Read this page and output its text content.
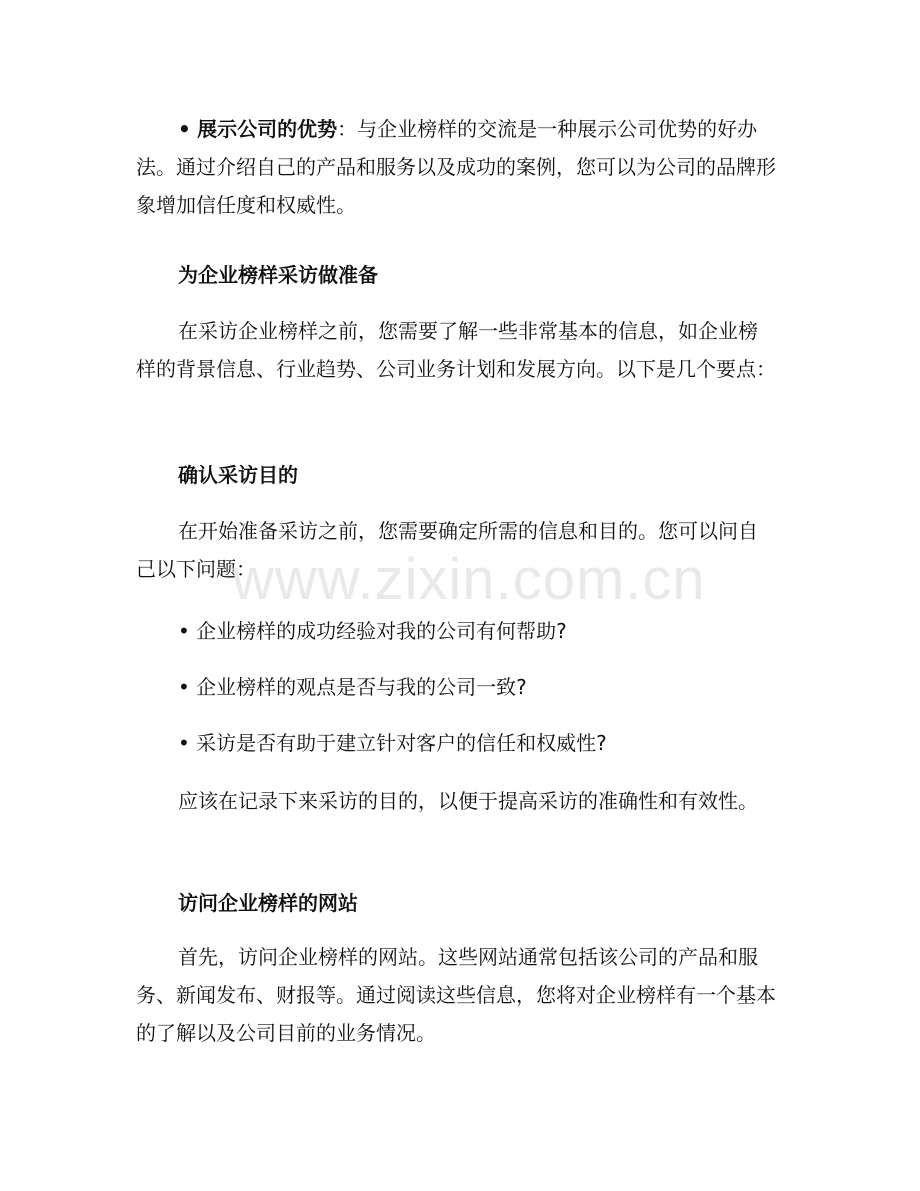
• 展示公司的优势：与企业榜样的交流是一种展示公司优势的好办法。通过介绍自己的产品和服务以及成功的案例，您可以为公司的品牌形象增加信任度和权威性。

为企业榜样采访做准备

在采访企业榜样之前，您需要了解一些非常基本的信息，如企业榜样的背景信息、行业趋势、公司业务计划和发展方向。以下是几个要点：

确认采访目的

在开始准备采访之前，您需要确定所需的信息和目的。您可以问自己以下问题：

• 企业榜样的成功经验对我的公司有何帮助?

• 企业榜样的观点是否与我的公司一致?

• 采访是否有助于建立针对客户的信任和权威性?

应该在记录下来采访的目的，以便于提高采访的准确性和有效性。

访问企业榜样的网站

首先，访问企业榜样的网站。这些网站通常包括该公司的产品和服务、新闻发布、财报等。通过阅读这些信息，您将对企业榜样有一个基本的了解以及公司目前的业务情况。

www.zixin.com.cn
